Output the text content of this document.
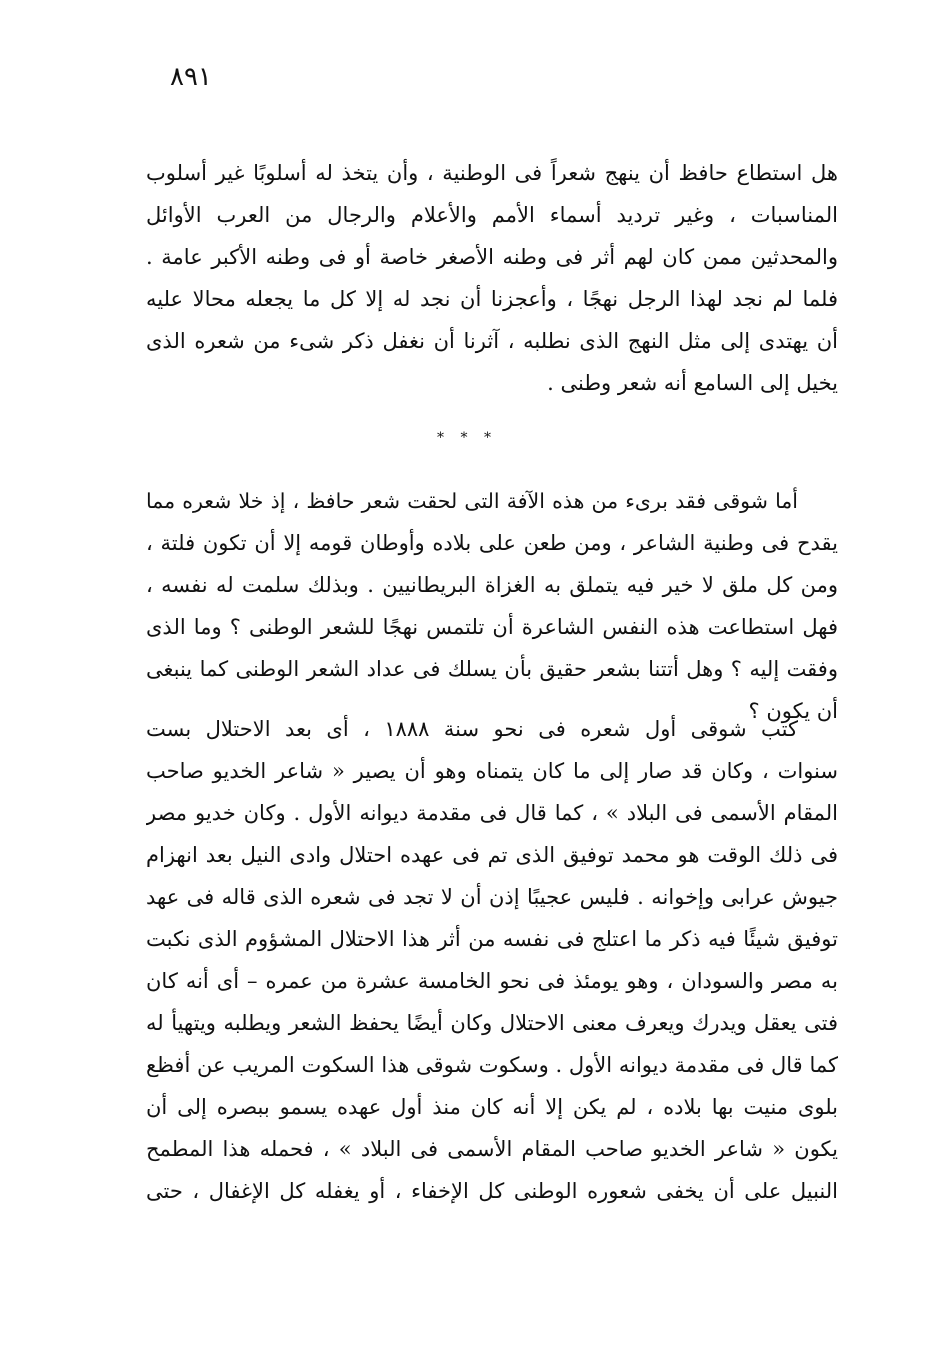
٨٩١
هل استطاع حافظ أن ينهج شعراً فى الوطنية ، وأن يتخذ له أسلوبًا غير أسلوب
المناسبات ، وغير ترديد أسماء الأمم والأعلام والرجال من العرب الأوائل
والمحدثين ممن كان لهم أثر فى وطنه الأصغر خاصة أو فى وطنه الأكبر عامة .
فلما لم نجد لهذا الرجل نهجًا ، وأعجزنا أن نجد له إلا كل ما يجعله محالا عليه
أن يهتدى إلى مثل النهج الذى نطلبه ، آثرنا أن نغفل ذكر شىء من شعره الذى
يخيل إلى السامع أنه شعر وطنى .
* * *
أما شوقى فقد برىء من هذه الآفة التى لحقت شعر حافظ ، إذ خلا شعره مما
يقدح فى وطنية الشاعر ، ومن طعن على بلاده وأوطان قومه إلا أن تكون فلتة ،
ومن كل ملق لا خير فيه يتملق به الغزاة البريطانيين . وبذلك سلمت له نفسه ،
فهل استطاعت هذه النفس الشاعرة أن تلتمس نهجًا للشعر الوطنى ؟ وما الذى
وفقت إليه ؟ وهل أتتنا بشعر حقيق بأن يسلك فى عداد الشعر الوطنى كما ينبغى
أن يكون ؟
كتب شوقى أول شعره فى نحو سنة ١٨٨٨ ، أى بعد الاحتلال بست
سنوات ، وكان قد صار إلى ما كان يتمناه وهو أن يصير « شاعر الخديو صاحب
المقام الأسمى فى البلاد » ، كما قال فى مقدمة ديوانه الأول . وكان خديو مصر
فى ذلك الوقت هو محمد توفيق الذى تم فى عهده احتلال وادى النيل بعد انهزام
جيوش عرابى وإخوانه . فليس عجيبًا إذن أن لا تجد فى شعره الذى قاله فى عهد
توفيق شيئًا فيه ذكر ما اعتلج فى نفسه من أثر هذا الاحتلال المشؤوم الذى نكبت
به مصر والسودان ، وهو يومئذ فى نحو الخامسة عشرة من عمره – أى أنه كان
فتى يعقل ويدرك ويعرف معنى الاحتلال وكان أيضًا يحفظ الشعر ويطلبه ويتهيأ له
كما قال فى مقدمة ديوانه الأول . وسكوت شوقى هذا السكوت المريب عن أفظع
بلوى منيت بها بلاده ، لم يكن إلا أنه كان منذ أول عهده يسمو ببصره إلى أن
يكون « شاعر الخديو صاحب المقام الأسمى فى البلاد » ، فحمله هذا المطمح
النبيل على أن يخفى شعوره الوطنى كل الإخفاء ، أو يغفله كل الإغفال ، حتى
